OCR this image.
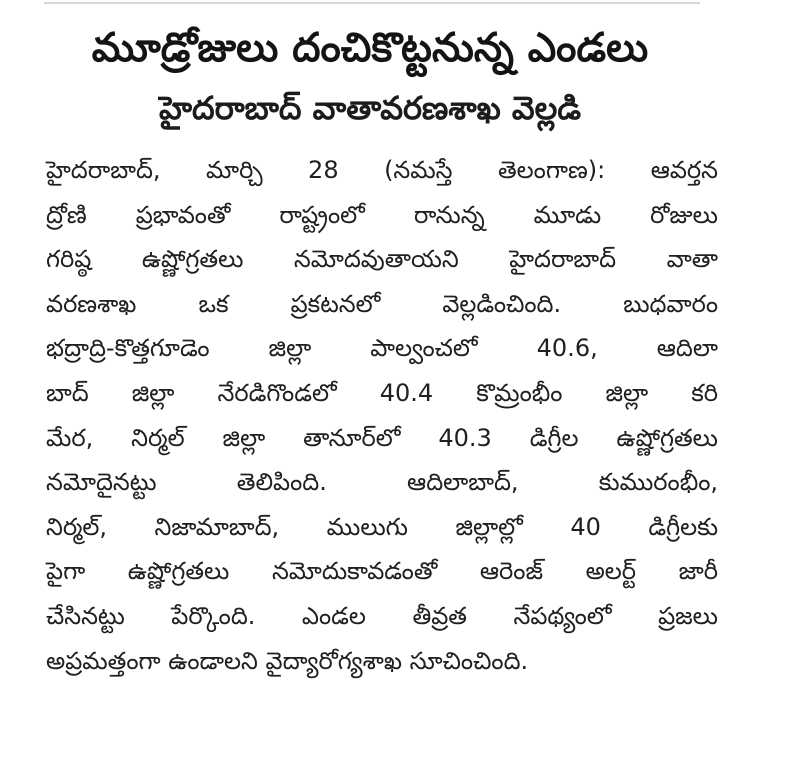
మూడ్రోజులు దంచికొట్టనున్న ఎండలు
హైదరాబాద్‌ వాతావరణశాఖ వెల్లడి
హైదరాబాద్‌, మార్చి 28 (నమస్తే తెలంగాణ): ఆవర్తన
ద్రోణి ప్రభావంతో రాష్ట్రంలో రానున్న మూడు రోజులు
గరిష్ఠ ఉష్ణోగ్రతలు నమోదవుతాయని హైదరాబాద్‌ వాతా
వరణశాఖ ఒక ప్రకటనలో వెల్లడించింది. బుధవారం
భద్రాద్రి-కొత్తగూడెం జిల్లా పాల్వంచలో 40.6, ఆదిలా
బాద్‌ జిల్లా నేరడిగొండలో 40.4 కొమ్రంభీం జిల్లా కరి
మేర, నిర్మల్‌ జిల్లా తానూర్‌లో 40.3 డిగ్రీల ఉష్ణోగ్రతలు
నమోదైనట్టు తెలిపింది. ఆదిలాబాద్‌, కుమురంభీం,
నిర్మల్‌, నిజామాబాద్‌, ములుగు జిల్లాల్లో 40 డిగ్రీలకు
పైగా ఉష్ణోగ్రతలు నమోదుకావడంతో ఆరెంజ్‌ అలర్ట్‌ జారీ
చేసినట్టు పేర్కొంది. ఎండల తీవ్రత నేపథ్యంలో ప్రజలు
అప్రమత్తంగా ఉండాలని వైద్యారోగ్యశాఖ సూచించింది.
